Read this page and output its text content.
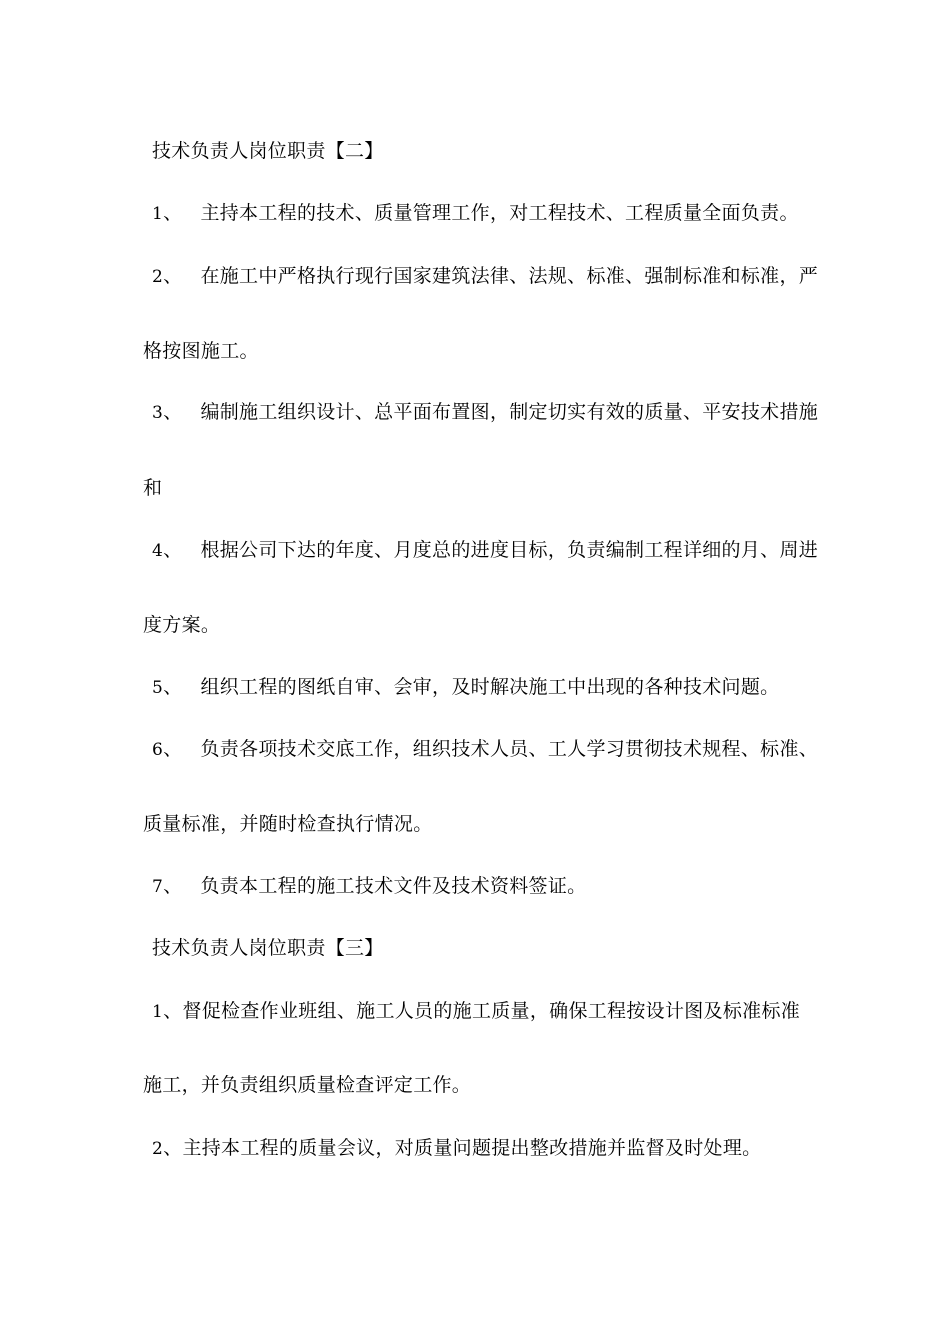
技术负责人岗位职责【二】
1、 主持本工程的技术、质量管理工作，对工程技术、工程质量全面负责。
2、 在施工中严格执行现行国家建筑法律、法规、标准、强制标准和标准，严
格按图施工。
3、 编制施工组织设计、总平面布置图，制定切实有效的质量、平安技术措施
和
4、 根据公司下达的年度、月度总的进度目标，负责编制工程详细的月、周进
度方案。
5、 组织工程的图纸自审、会审，及时解决施工中出现的各种技术问题。
6、 负责各项技术交底工作，组织技术人员、工人学习贯彻技术规程、标准、
质量标准，并随时检查执行情况。
7、 负责本工程的施工技术文件及技术资料签证。
技术负责人岗位职责【三】
1、督促检查作业班组、施工人员的施工质量，确保工程按设计图及标准标准
施工，并负责组织质量检查评定工作。
2、主持本工程的质量会议，对质量问题提出整改措施并监督及时处理。
